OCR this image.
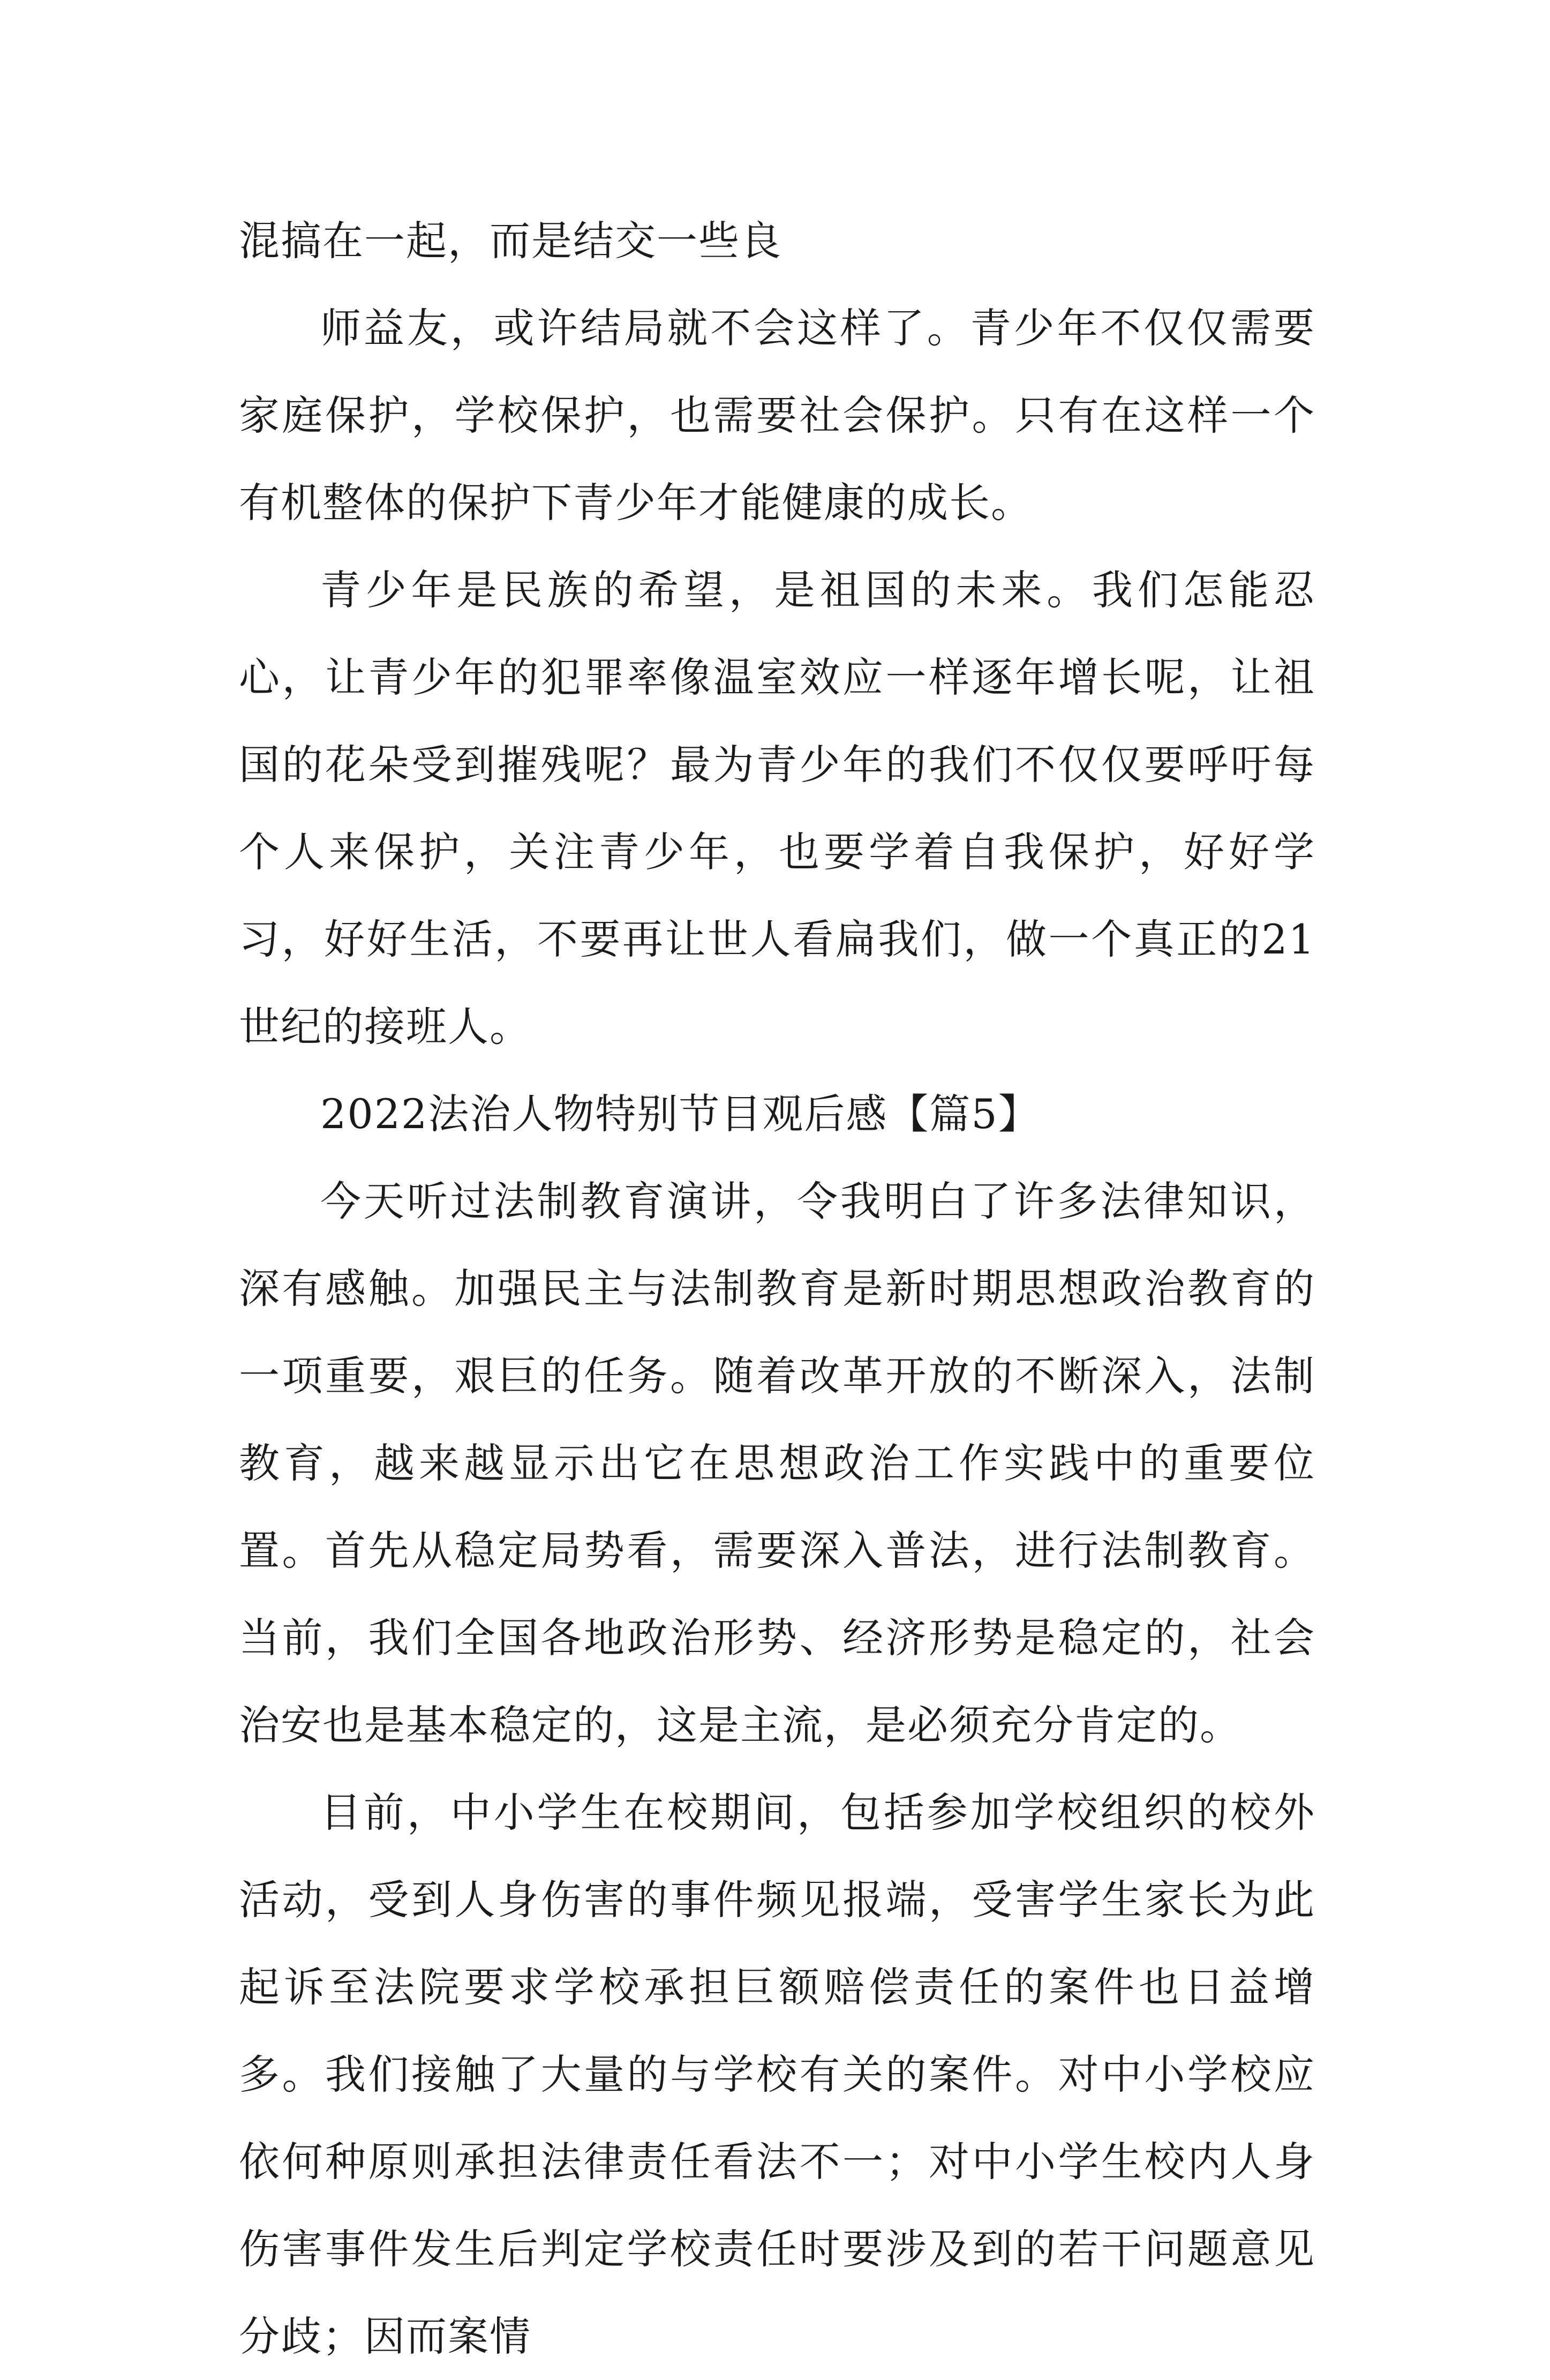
混搞在一起，而是结交一些良

师益友，或许结局就不会这样了。青少年不仅仅需要家庭保护，学校保护，也需要社会保护。只有在这样一个有机整体的保护下青少年才能健康的成长。

青少年是民族的希望，是祖国的未来。我们怎能忍心，让青少年的犯罪率像温室效应一样逐年增长呢，让祖国的花朵受到摧残呢？最为青少年的我们不仅仅要呼吁每个人来保护，关注青少年，也要学着自我保护，好好学习，好好生活，不要再让世人看扁我们，做一个真正的21世纪的接班人。

2022法治人物特别节目观后感【篇5】

今天听过法制教育演讲，令我明白了许多法律知识，深有感触。加强民主与法制教育是新时期思想政治教育的一项重要，艰巨的任务。随着改革开放的不断深入，法制教育，越来越显示出它在思想政治工作实践中的重要位置。首先从稳定局势看，需要深入普法，进行法制教育。当前，我们全国各地政治形势、经济形势是稳定的，社会治安也是基本稳定的，这是主流，是必须充分肯定的。

目前，中小学生在校期间，包括参加学校组织的校外活动，受到人身伤害的事件频见报端，受害学生家长为此起诉至法院要求学校承担巨额赔偿责任的案件也日益增多。我们接触了大量的与学校有关的案件。对中小学校应依何种原则承担法律责任看法不一；对中小学生校内人身伤害事件发生后判定学校责任时要涉及到的若干问题意见分歧；因而案情
